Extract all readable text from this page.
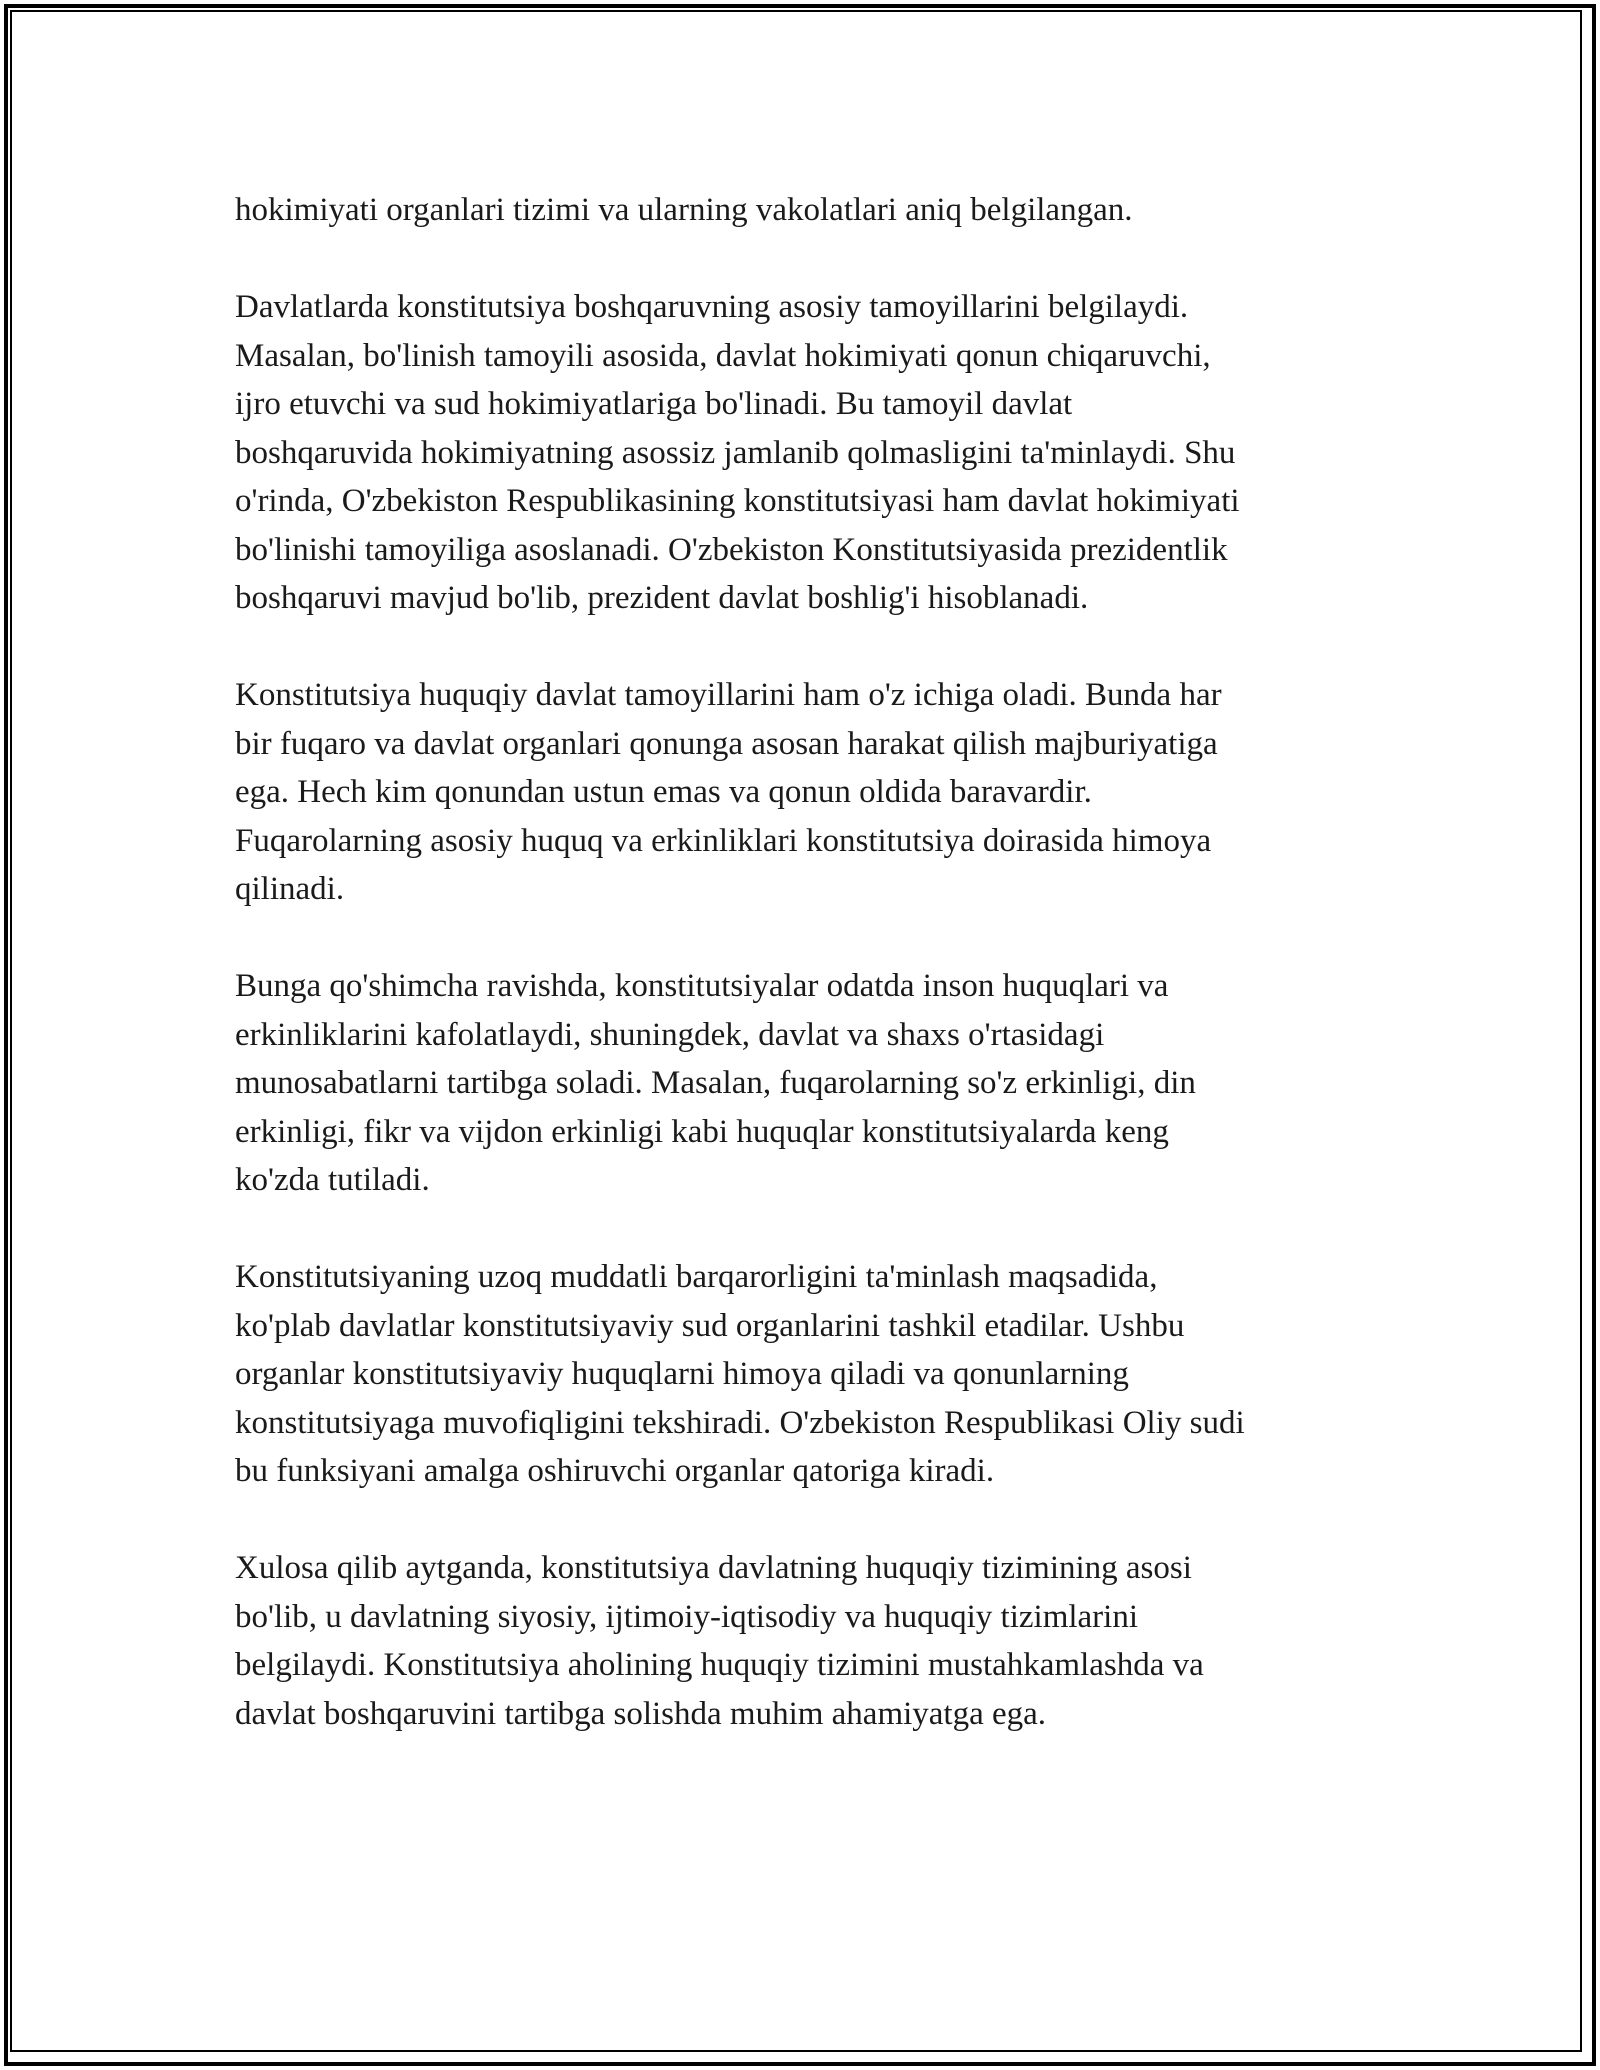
hokimiyati organlari tizimi va ularning vakolatlari aniq belgilangan.

Davlatlarda konstitutsiya boshqaruvning asosiy tamoyillarini belgilaydi.
Masalan, bo'linish tamoyili asosida, davlat hokimiyati qonun chiqaruvchi,
ijro etuvchi va sud hokimiyatlariga bo'linadi. Bu tamoyil davlat
boshqaruvida hokimiyatning asossiz jamlanib qolmasligini ta'minlaydi. Shu
o'rinda, O'zbekiston Respublikasining konstitutsiyasi ham davlat hokimiyati
bo'linishi tamoyiliga asoslanadi. O'zbekiston Konstitutsiyasida prezidentlik
boshqaruvi mavjud bo'lib, prezident davlat boshlig'i hisoblanadi.

Konstitutsiya huquqiy davlat tamoyillarini ham o'z ichiga oladi. Bunda har
bir fuqaro va davlat organlari qonunga asosan harakat qilish majburiyatiga
ega. Hech kim qonundan ustun emas va qonun oldida baravardir.
Fuqarolarning asosiy huquq va erkinliklari konstitutsiya doirasida himoya
qilinadi.

Bunga qo'shimcha ravishda, konstitutsiyalar odatda inson huquqlari va
erkinliklarini kafolatlaydi, shuningdek, davlat va shaxs o'rtasidagi
munosabatlarni tartibga soladi. Masalan, fuqarolarning so'z erkinligi, din
erkinligi, fikr va vijdon erkinligi kabi huquqlar konstitutsiyalarda keng
ko'zda tutiladi.

Konstitutsiyaning uzoq muddatli barqarorligini ta'minlash maqsadida,
ko'plab davlatlar konstitutsiyaviy sud organlarini tashkil etadilar. Ushbu
organlar konstitutsiyaviy huquqlarni himoya qiladi va qonunlarning
konstitutsiyaga muvofiqligini tekshiradi. O'zbekiston Respublikasi Oliy sudi
bu funksiyani amalga oshiruvchi organlar qatoriga kiradi.

Xulosa qilib aytganda, konstitutsiya davlatning huquqiy tizimining asosi
bo'lib, u davlatning siyosiy, ijtimoiy-iqtisodiy va huquqiy tizimlarini
belgilaydi. Konstitutsiya aholining huquqiy tizimini mustahkamlashda va
davlat boshqaruvini tartibga solishda muhim ahamiyatga ega.
